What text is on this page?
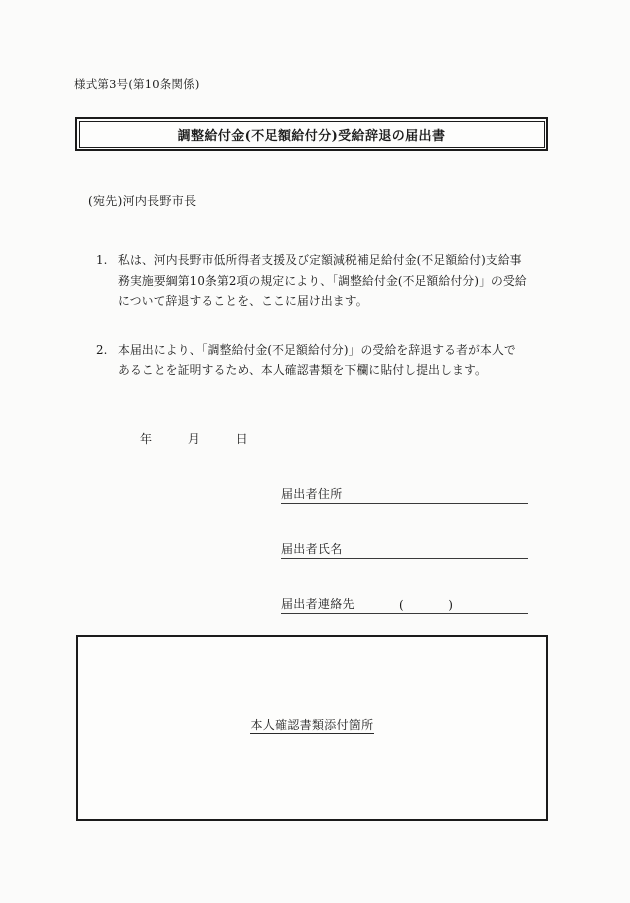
様式第3号(第10条関係)
調整給付金(不足額給付分)受給辞退の届出書
(宛先)河内長野市長
1. 私は、河内長野市低所得者支援及び定額減税補足給付金(不足額給付)支給事
務実施要綱第10条第2項の規定により、「調整給付金(不足額給付分)」の受給
について辞退することを、ここに届け出ます。
2. 本届出により、「調整給付金(不足額給付分)」の受給を辞退する者が本人で
あることを証明するため、本人確認書類を下欄に貼付し提出します。
年	月	日
届出者住所
届出者氏名
届出者連絡先	(	)
本人確認書類添付箇所
